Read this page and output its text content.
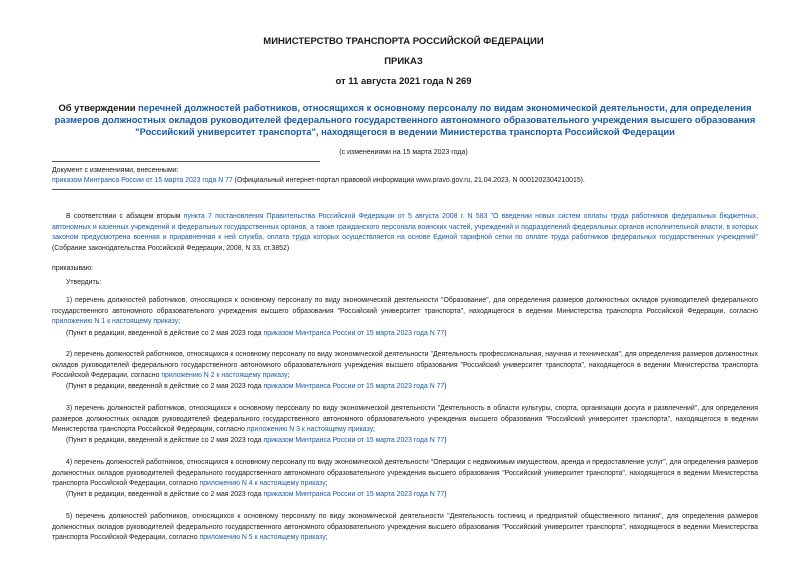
МИНИСТЕРСТВО ТРАНСПОРТА РОССИЙСКОЙ ФЕДЕРАЦИИ
ПРИКАЗ
от 11 августа 2021 года N 269
Об утверждении перечней должностей работников, относящихся к основному персоналу по видам экономической деятельности, для определения размеров должностных окладов руководителей федерального государственного автономного образовательного учреждения высшего образования "Российский университет транспорта", находящегося в ведении Министерства транспорта Российской Федерации
(с изменениями на 15 марта 2023 года)
Документ с изменениями, внесенными:
приказом Минтранса России от 15 марта 2023 года N 77 (Официальный интернет-портал правовой информации www.pravo.gov.ru, 21.04.2023, N 0001202304210015).
В соответствии с абзацем вторым пункта 7 постановления Правительства Российской Федерации от 5 августа 2008 г. N 583 "О введении новых систем оплаты труда работников федеральных бюджетных, автономных и казенных учреждений и федеральных государственных органов, а также гражданского персонала воинских частей, учреждений и подразделений федеральных органов исполнительной власти, в которых законом предусмотрена военная и приравненная к ней служба, оплата труда которых осуществляется на основе Единой тарифной сетки по оплате труда работников федеральных государственных учреждений" (Собрание законодательства Российской Федерации, 2008, N 33, ст.3852)
приказываю:
Утвердить:
1) перечень должностей работников, относящихся к основному персоналу по виду экономической деятельности "Образование", для определения размеров должностных окладов руководителей федерального государственного автономного образовательного учреждения высшего образования "Российский университет транспорта", находящегося в ведении Министерства транспорта Российской Федерации, согласно приложению N 1 к настоящему приказу;
(Пункт в редакции, введенной в действие со 2 мая 2023 года приказом Минтранса России от 15 марта 2023 года N 77)
2) перечень должностей работников, относящихся к основному персоналу по виду экономической деятельности "Деятельность профессиональная, научная и техническая", для определения размеров должностных окладов руководителей федерального государственного автономного образовательного учреждения высшего образования "Российский университет транспорта", находящегося в ведении Министерства транспорта Российской Федерации, согласно приложению N 2 к настоящему приказу;
(Пункт в редакции, введенной в действие со 2 мая 2023 года приказом Минтранса России от 15 марта 2023 года N 77)
3) перечень должностей работников, относящихся к основному персоналу по виду экономической деятельности "Деятельность в области культуры, спорта, организации досуга и развлечений", для определения размеров должностных окладов руководителей федерального государственного автономного образовательного учреждения высшего образования "Российский университет транспорта", находящегося в ведении Министерства транспорта Российской Федерации, согласно приложению N 3 к настоящему приказу;
(Пункт в редакции, введенной в действие со 2 мая 2023 года приказом Минтранса России от 15 марта 2023 года N 77)
4) перечень должностей работников, относящихся к основному персоналу по виду экономической деятельности "Операции с недвижимым имуществом, аренда и предоставление услуг", для определения размеров должностных окладов руководителей федерального государственного автономного образовательного учреждения высшего образования "Российский университет транспорта", находящегося в ведении Министерства транспорта Российской Федерации, согласно приложению N 4 к настоящему приказу;
(Пункт в редакции, введенной в действие со 2 мая 2023 года приказом Минтранса России от 15 марта 2023 года N 77)
5) перечень должностей работников, относящихся к основному персоналу по виду экономической деятельности "Деятельность гостиниц и предприятий общественного питания", для определения размеров должностных окладов руководителей федерального государственного автономного образовательного учреждения высшего образования "Российский университет транспорта", находящегося в ведении Министерства транспорта Российской Федерации, согласно приложению N 5 к настоящему приказу;
